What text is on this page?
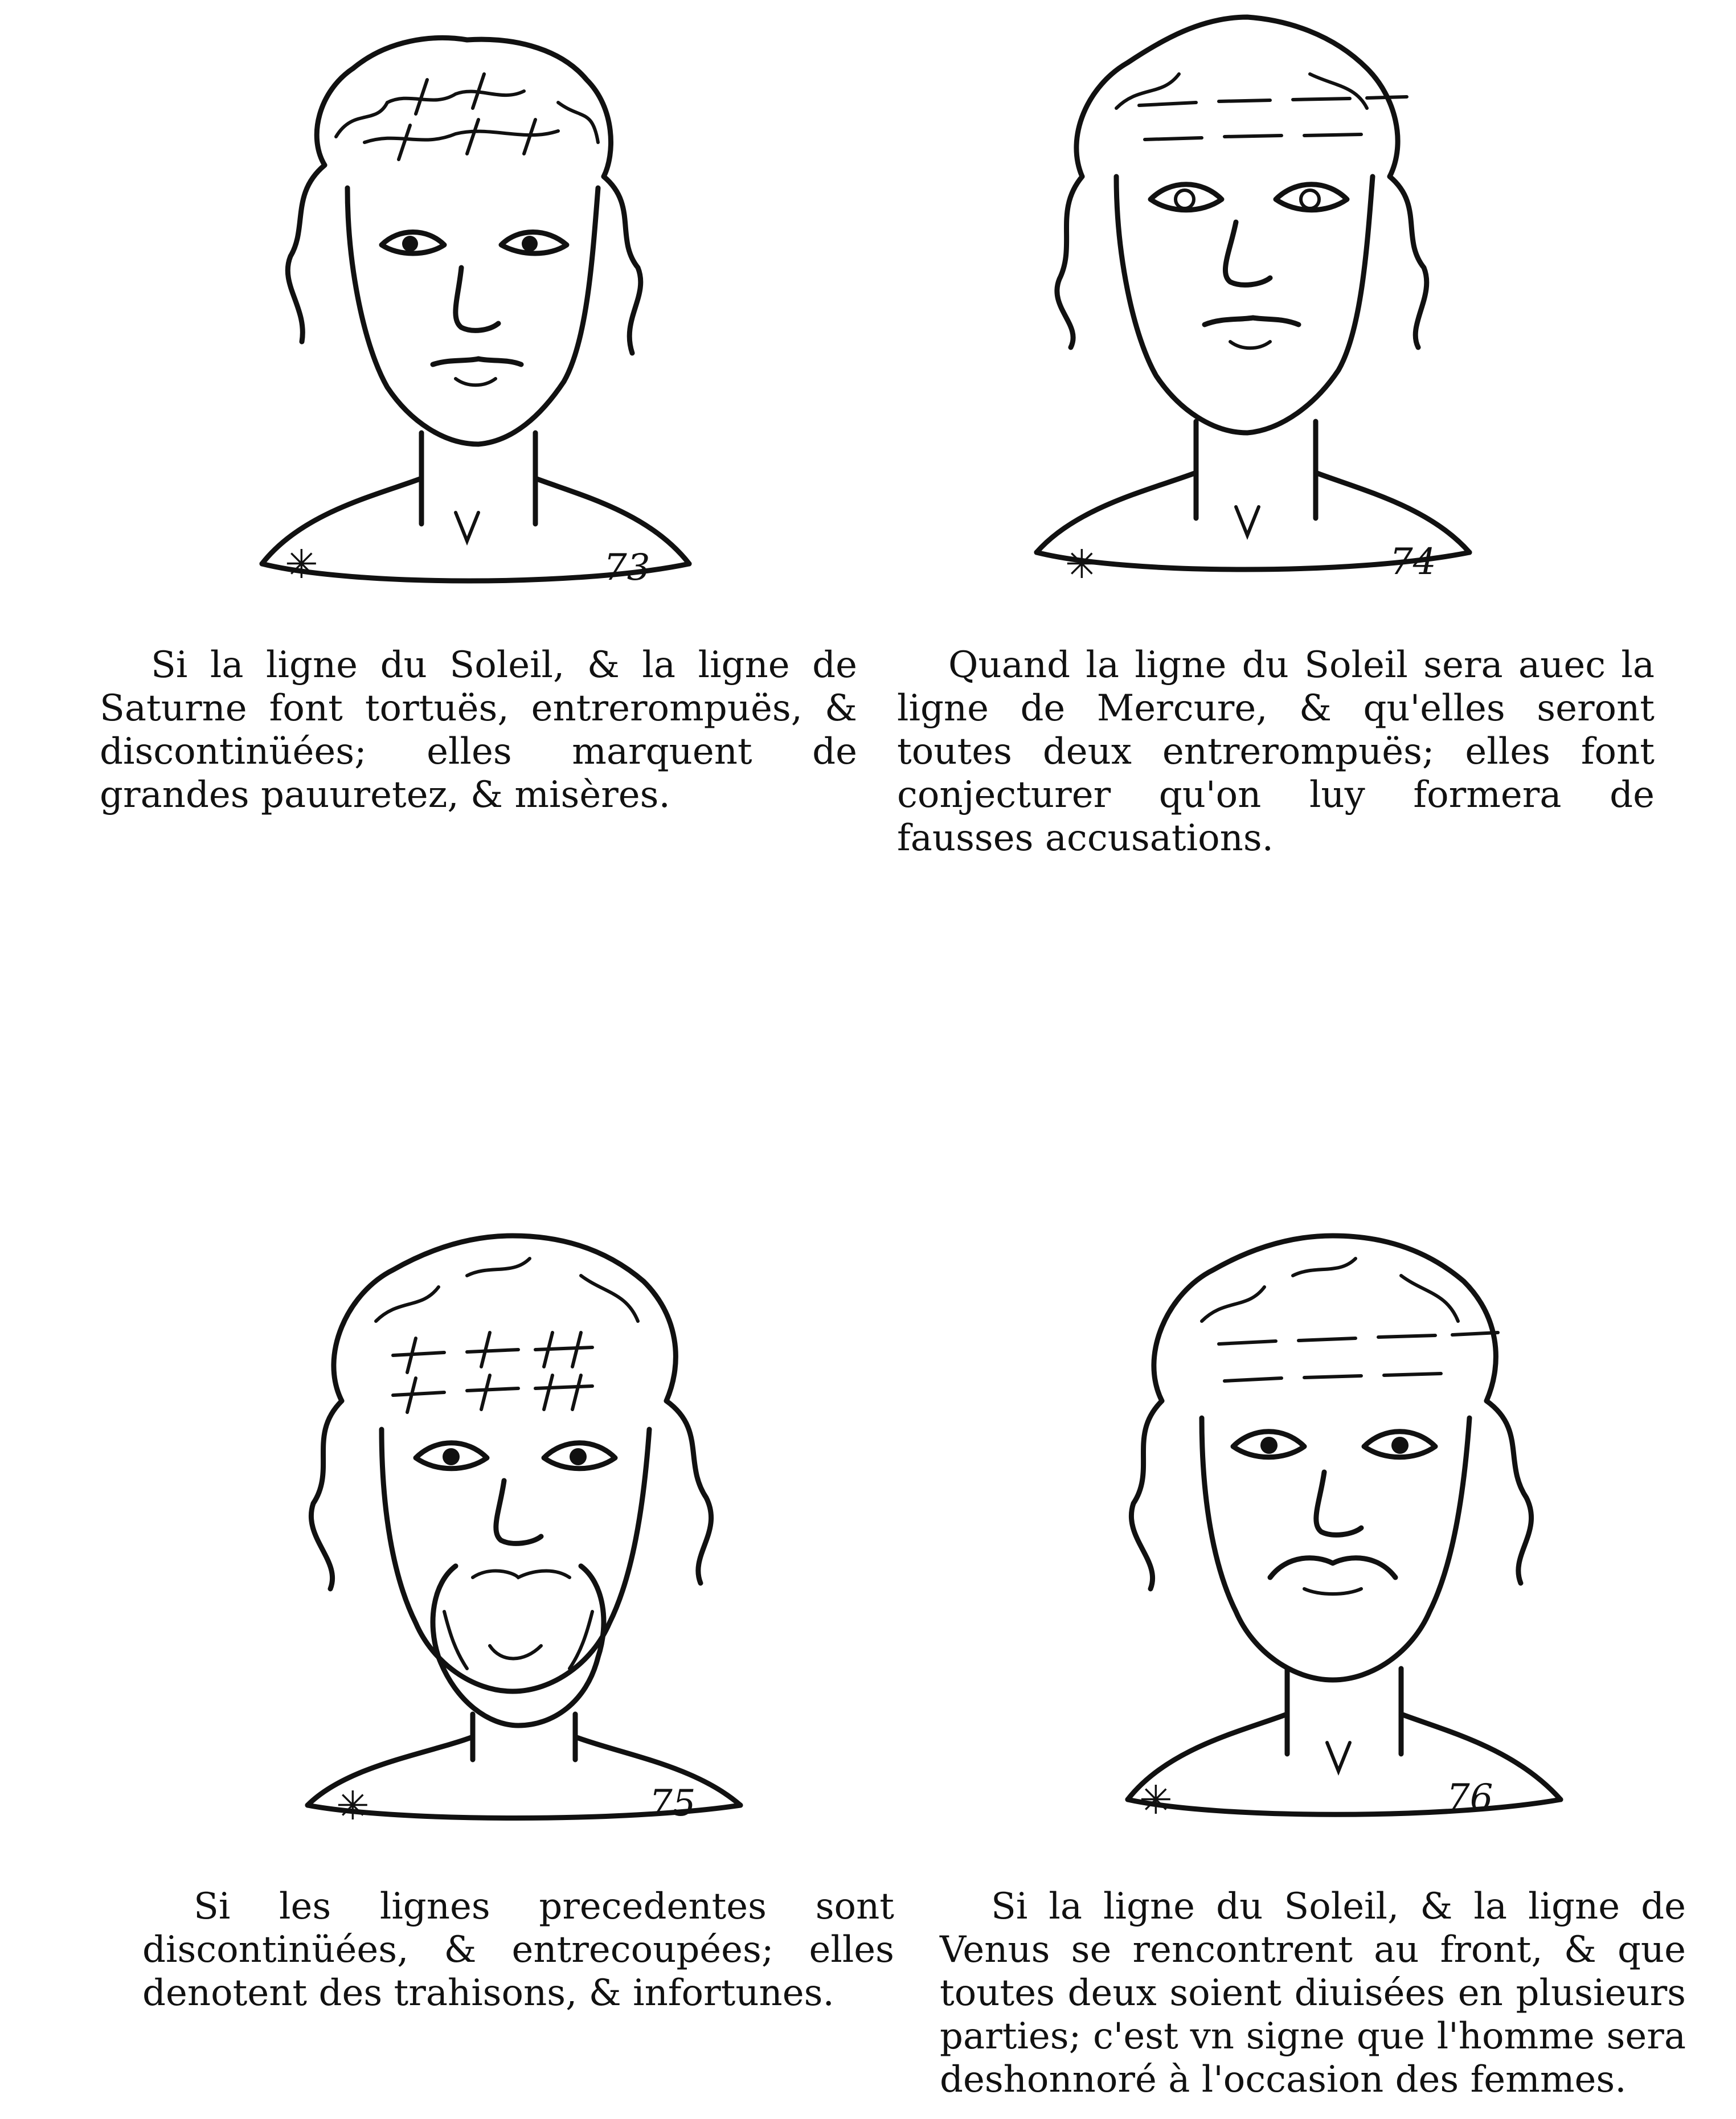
✳	73

Si la ligne du Soleil, & la ligne de Saturne font tortuës, entrerompuës, & discontinüées; elles marquent de grandes pauuretez, & misères.

✳	74

Quand la ligne du Soleil sera auec la ligne de Mercure, & qu'elles seront toutes deux entrerompuës; elles font conjecturer qu'on luy formera de fausses accusations.

✳	75

Si les lignes precedentes sont discontinüées, & entrecoupées; elles denotent des trahisons, & infortunes.

✳	76

Si la ligne du Soleil, & la ligne de Venus se rencontrent au front, & que toutes deux soient diuisées en plusieurs parties; c'est vn signe que l'homme sera deshonnoré à l'occasion des femmes.
